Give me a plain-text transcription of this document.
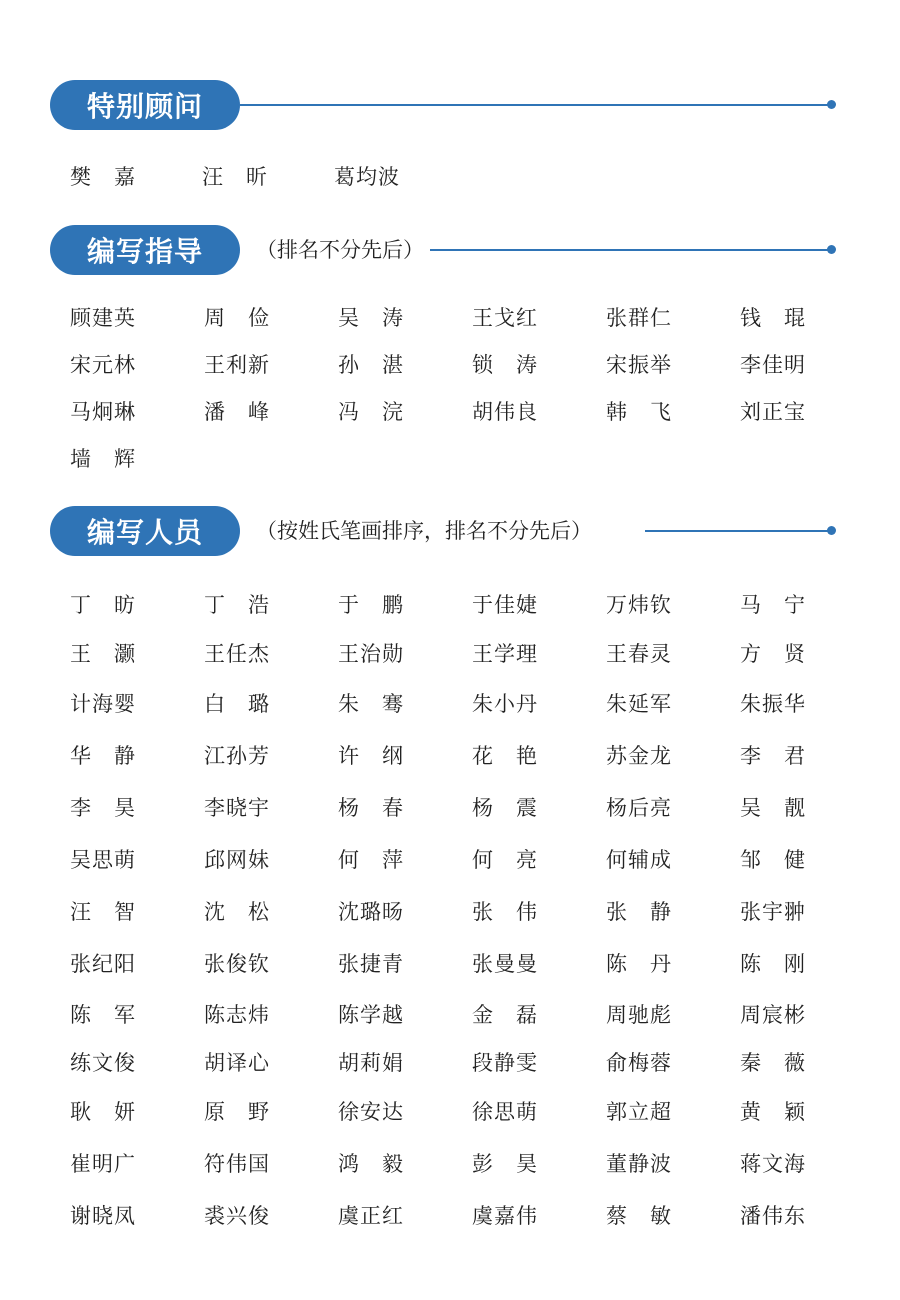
特别顾问
樊　嘉	汪　昕	葛均波
编写指导	（排名不分先后）
顾建英	周　俭	吴　涛	王戈红	张群仁	钱　琨
宋元林	王利新	孙　湛	锁　涛	宋振举	李佳明
马炯琳	潘　峰	冯　浣	胡伟良	韩　飞	刘正宝
墙　辉
编写人员	（按姓氏笔画排序，排名不分先后）
丁　昉	丁　浩	于　鹏	于佳婕	万炜钦	马　宁
王　灏	王任杰	王治勋	王学理	王春灵	方　贤
计海婴	白　璐	朱　骞	朱小丹	朱延军	朱振华
华　静	江孙芳	许　纲	花　艳	苏金龙	李　君
李　昊	李晓宇	杨　春	杨　震	杨后亮	吴　靓
吴思萌	邱网妹	何　萍	何　亮	何辅成	邹　健
汪　智	沈　松	沈璐旸	张　伟	张　静	张宇翀
张纪阳	张俊钦	张捷青	张曼曼	陈　丹	陈　刚
陈　军	陈志炜	陈学越	金　磊	周驰彪	周宸彬
练文俊	胡译心	胡莉娟	段静雯	俞梅蓉	秦　薇
耿　妍	原　野	徐安达	徐思萌	郭立超	黄　颖
崔明广	符伟国	鸿　毅	彭　昊	董静波	蒋文海
谢晓凤	裘兴俊	虞正红	虞嘉伟	蔡　敏	潘伟东
